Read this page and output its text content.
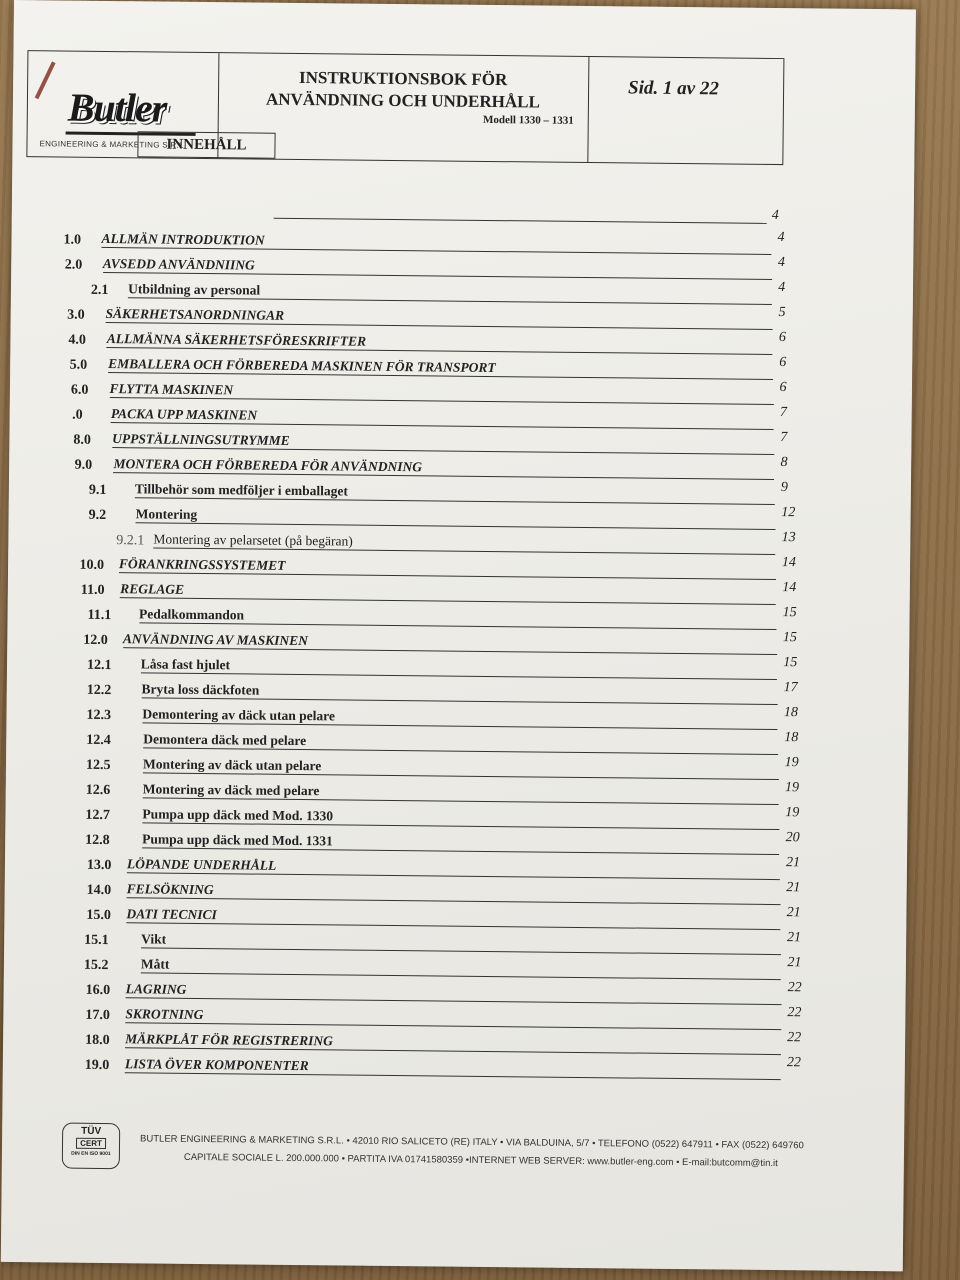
Butler
ENGINEERING & MARKETING S.R.L.
INSTRUKTIONSBOK FÖR
ANVÄNDNING OCH UNDERHÅLL
Modell 1330 – 1331
Sid. 1 av 22
INNEHÅLL
4
1.0 ALLMÄN INTRODUKTION	4
2.0 AVSEDD ANVÄNDNIING	4
2.1 Utbildning av personal	4
3.0 SÄKERHETSANORDNINGAR	5
4.0 ALLMÄNNA SÄKERHETSFÖRESKRIFTER	6
5.0 EMBALLERA OCH FÖRBEREDA MASKINEN FÖR TRANSPORT	6
6.0 FLYTTA MASKINEN	6
.0 PACKA UPP MASKINEN	7
8.0 UPPSTÄLLNINGSUTRYMME	7
9.0 MONTERA OCH FÖRBEREDA FÖR ANVÄNDNING	8
9.1 Tillbehör som medföljer i emballaget	9
9.2 Montering	12
9.2.1 Montering av pelarsetet (på begäran)	13
10.0 FÖRANKRINGSSYSTEMET	14
11.0 REGLAGE	14
11.1 Pedalkommandon	15
12.0 ANVÄNDNING AV MASKINEN	15
12.1 Låsa fast hjulet	15
12.2 Bryta loss däckfoten	17
12.3 Demontering av däck utan pelare	18
12.4 Demontera däck med pelare	18
12.5 Montering av däck utan pelare	19
12.6 Montering av däck med pelare	19
12.7 Pumpa upp däck med Mod. 1330	19
12.8 Pumpa upp däck med Mod. 1331	20
13.0 LÖPANDE UNDERHÅLL	21
14.0 FELSÖKNING	21
15.0 DATI TECNICI	21
15.1 Vikt	21
15.2 Mått	21
16.0 LAGRING	22
17.0 SKROTNING	22
18.0 MÄRKPLÅT FÖR REGISTRERING	22
19.0 LISTA ÖVER KOMPONENTER	22
TÜV
CERT
DIN EN ISO 9001
BUTLER ENGINEERING & MARKETING S.R.L. • 42010 RIO SALICETO (RE) ITALY • VIA BALDUINA, 5/7 • TELEFONO (0522) 647911 • FAX (0522) 649760
CAPITALE SOCIALE L. 200.000.000 • PARTITA IVA 01741580359 •INTERNET WEB SERVER: www.butler-eng.com • E-mail:butcomm@tin.it
